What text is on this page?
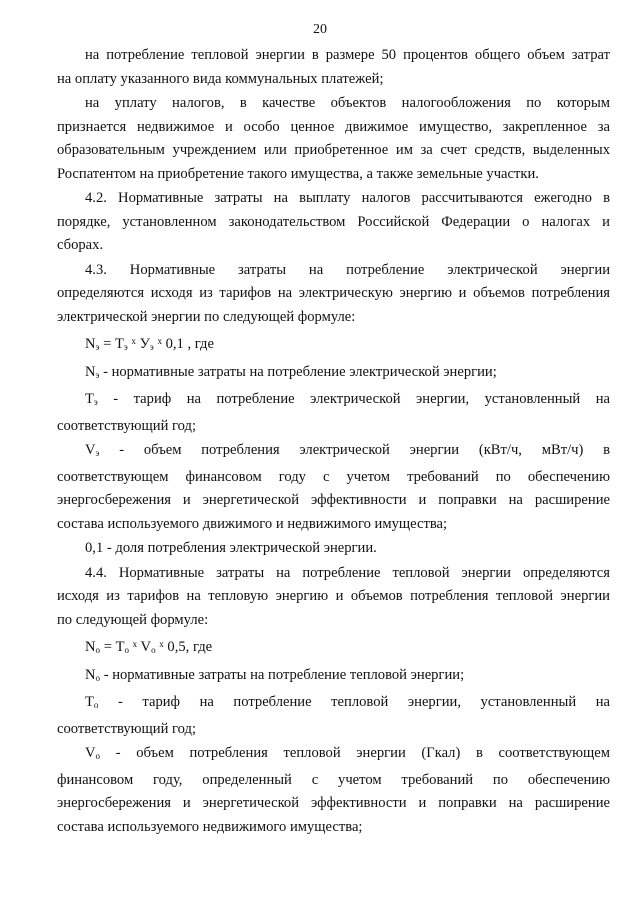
20
на потребление тепловой энергии в размере 50 процентов общего объем затрат
на оплату указанного вида коммунальных платежей;
на уплату налогов, в качестве объектов налогообложения по которым
признается недвижимое и особо ценное движимое имущество, закрепленное за
образовательным учреждением или приобретенное им за счет средств, выделенных
Роспатентом на приобретение такого имущества, а также земельные участки.
4.2. Нормативные затраты на выплату налогов рассчитываются ежегодно в
порядке, установленном законодательством Российской Федерации о налогах и
сборах.
4.3. Нормативные затраты на потребление электрической энергии
определяются исходя из тарифов на электрическую энергию и объемов потребления
электрической энергии по следующей формуле:
$N_э = Т_э$ $^x$ $У_э$ $^x$ 0,1 , где
$N_э$ - нормативные затраты на потребление электрической энергии;
$Т_э$ - тариф на потребление электрической энергии, установленный на
соответствующий год;
$V_э$ - объем потребления электрической энергии (кВт/ч, мВт/ч) в
соответствующем финансовом году с учетом требований по обеспечению
энергосбережения и энергетической эффективности и поправки на расширение
состава используемого движимого и недвижимого имущества;
0,1 - доля потребления электрической энергии.
4.4. Нормативные затраты на потребление тепловой энергии определяются
исходя из тарифов на тепловую энергию и объемов потребления тепловой энергии
по следующей формуле:
$N_о = Т_о$ $^x$ $V_о$ $^x$ 0,5, где
$N_о$ - нормативные затраты на потребление тепловой энергии;
$Т_о$ - тариф на потребление тепловой энергии, установленный на
соответствующий год;
$V_о$ - объем потребления тепловой энергии (Гкал) в соответствующем
финансовом году, определенный с учетом требований по обеспечению
энергосбережения и энергетической эффективности и поправки на расширение
состава используемого недвижимого имущества;
